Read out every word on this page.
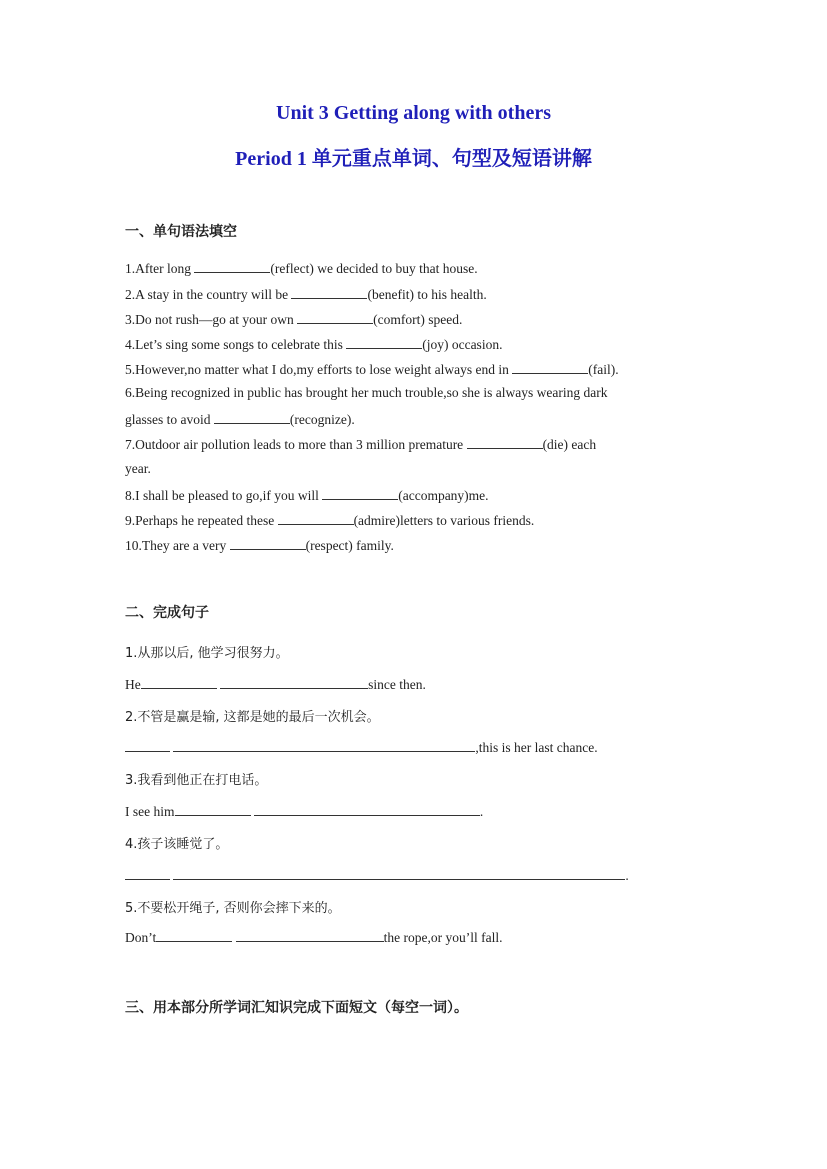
Unit 3 Getting along with others
Period 1 单元重点单词、句型及短语讲解

一、单句语法填空

1.After long	(reflect) we decided to buy that house.

2.A stay in the country will be	(benefit) to his health.

3.Do not rush—go at your own	(comfort) speed.

4.Let’s sing some songs to celebrate this	(joy) occasion.

5.However,no matter what I do,my efforts to lose weight always end in	(fail).

6.Being recognized in public has brought her much trouble,so she is always wearing dark

glasses to avoid	(recognize).

7.Outdoor air pollution leads to more than 3 million premature	(die) each

year.

8.I shall be pleased to go,if you will	(accompany)me.

9.Perhaps he repeated these	(admire)letters to various friends.

10.They are a very	(respect) family.

二、完成句子

1.从那以后, 他学习很努力。

He	since then.

2.不管是赢是输, 这都是她的最后一次机会。

,this is her last chance.

3.我看到他正在打电话。

I see him	.

4.孩子该睡觉了。

.

5.不要松开绳子, 否则你会摔下来的。

Don’t	the rope,or you’ll fall.

三、用本部分所学词汇知识完成下面短文（每空一词）。
